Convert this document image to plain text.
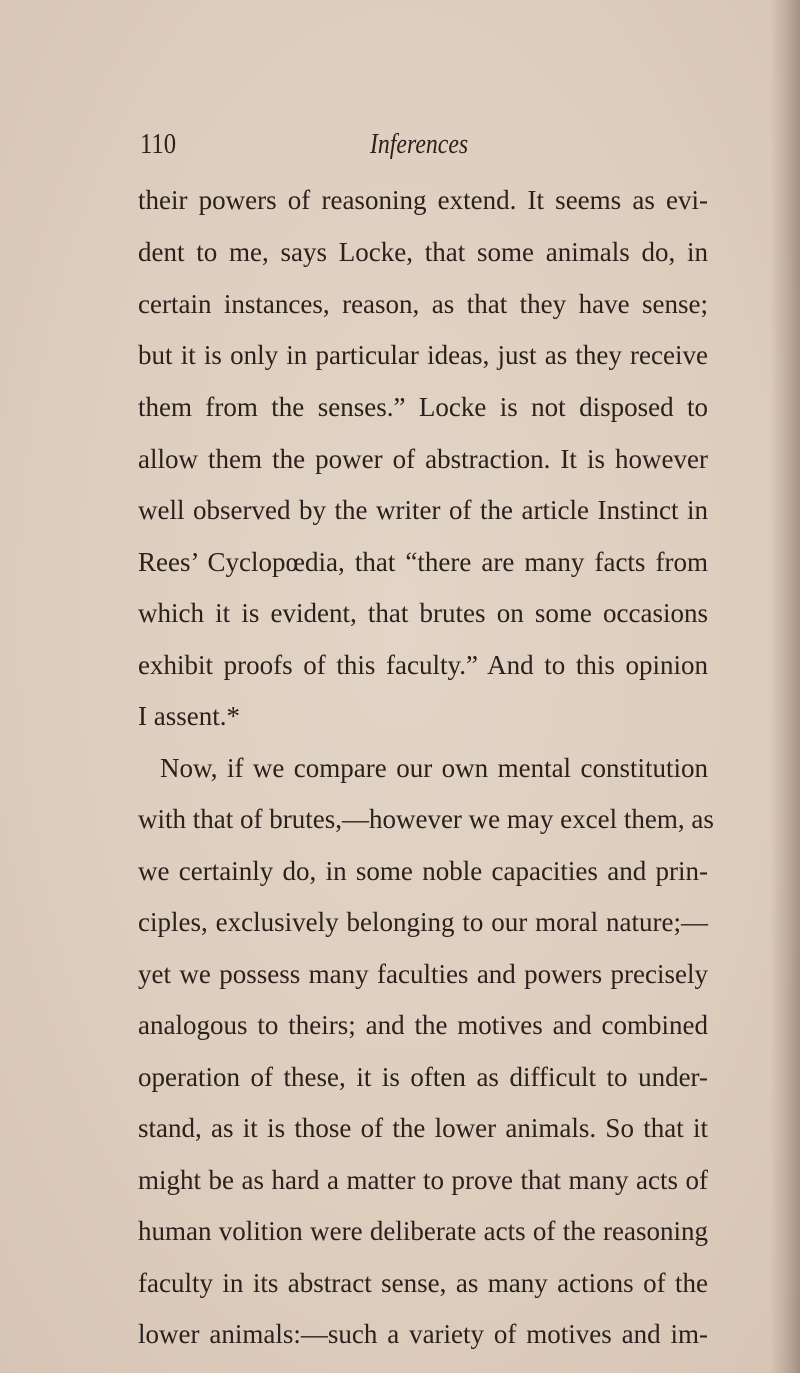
110	Inferences
their powers of reasoning extend. It seems as evi-
dent to me, says Locke, that some animals do, in
certain instances, reason, as that they have sense;
but it is only in particular ideas, just as they receive
them from the senses.” Locke is not disposed to
allow them the power of abstraction. It is however
well observed by the writer of the article Instinct in
Rees’ Cyclopœdia, that “there are many facts from
which it is evident, that brutes on some occasions
exhibit proofs of this faculty.” And to this opinion
I assent.*
Now, if we compare our own mental constitution
with that of brutes,—however we may excel them, as
we certainly do, in some noble capacities and prin-
ciples, exclusively belonging to our moral nature;—
yet we possess many faculties and powers precisely
analogous to theirs; and the motives and combined
operation of these, it is often as difficult to under-
stand, as it is those of the lower animals. So that it
might be as hard a matter to prove that many acts of
human volition were deliberate acts of the reasoning
faculty in its abstract sense, as many actions of the
lower animals:—such a variety of motives and im-
